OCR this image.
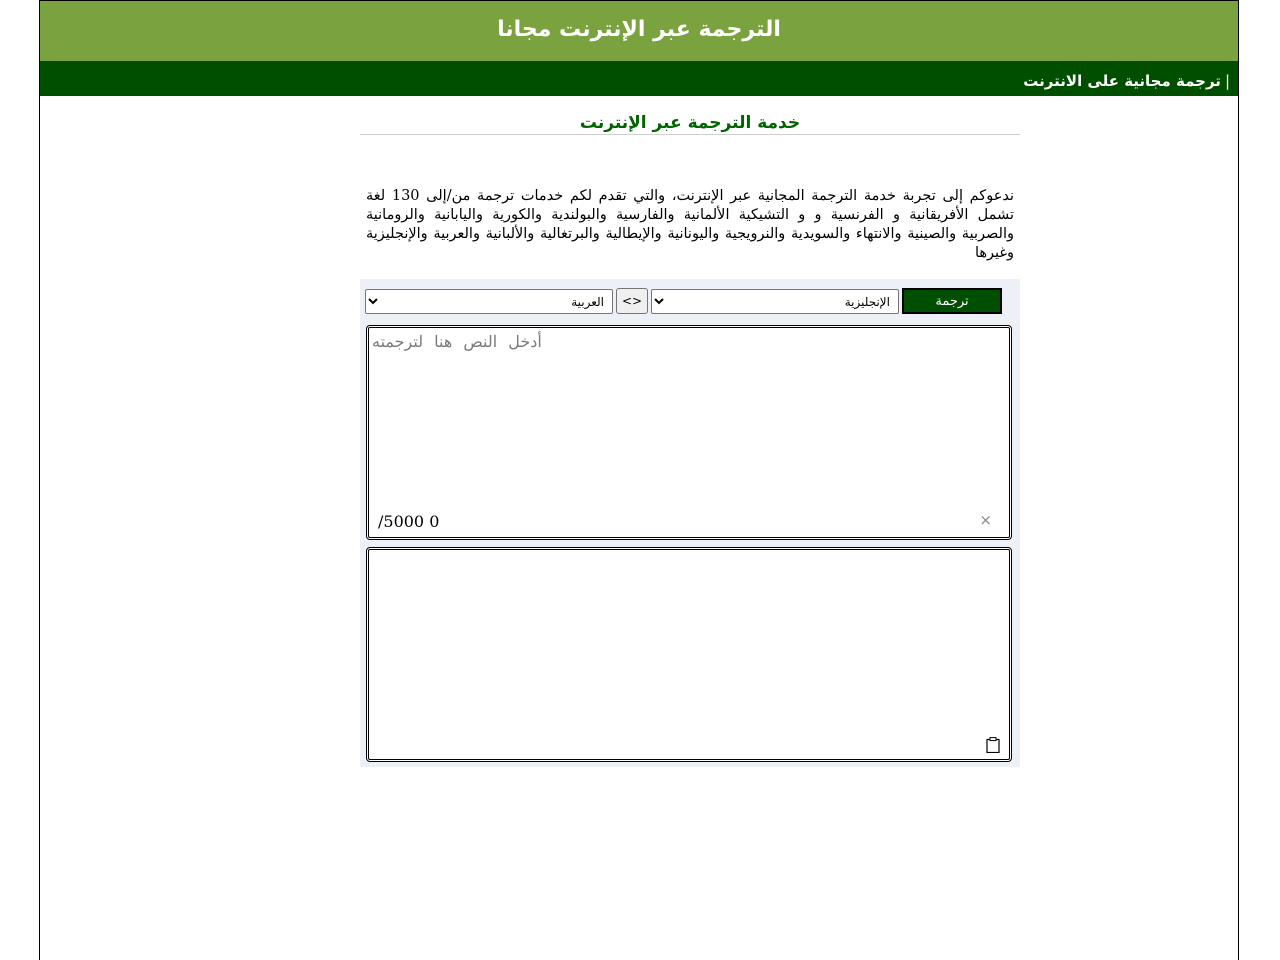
الترجمة عبر الإنترنت مجانا
|ترجمة مجانية على الانترنت
خدمة الترجمة عبر الإنترنت
ندعوكم إلى تجربة خدمة الترجمة المجانية عبر الإنترنت، والتي تقدم لكم خدمات ترجمة من/إلى 130 لغة تشمل الأفريقانية و الفرنسية و و التشيكية الألمانية والفارسية والبولندية والكورية واليابانية والرومانية والصربية والصينية والانتهاء والسويدية والنرويجية واليونانية والإيطالية والبرتغالية والألبانية والعربية والإنجليزية وغيرها
العربية
<>
الإنجليزية	ترجمة
أدخل النص هنا لترجمته
/5000 0	×
